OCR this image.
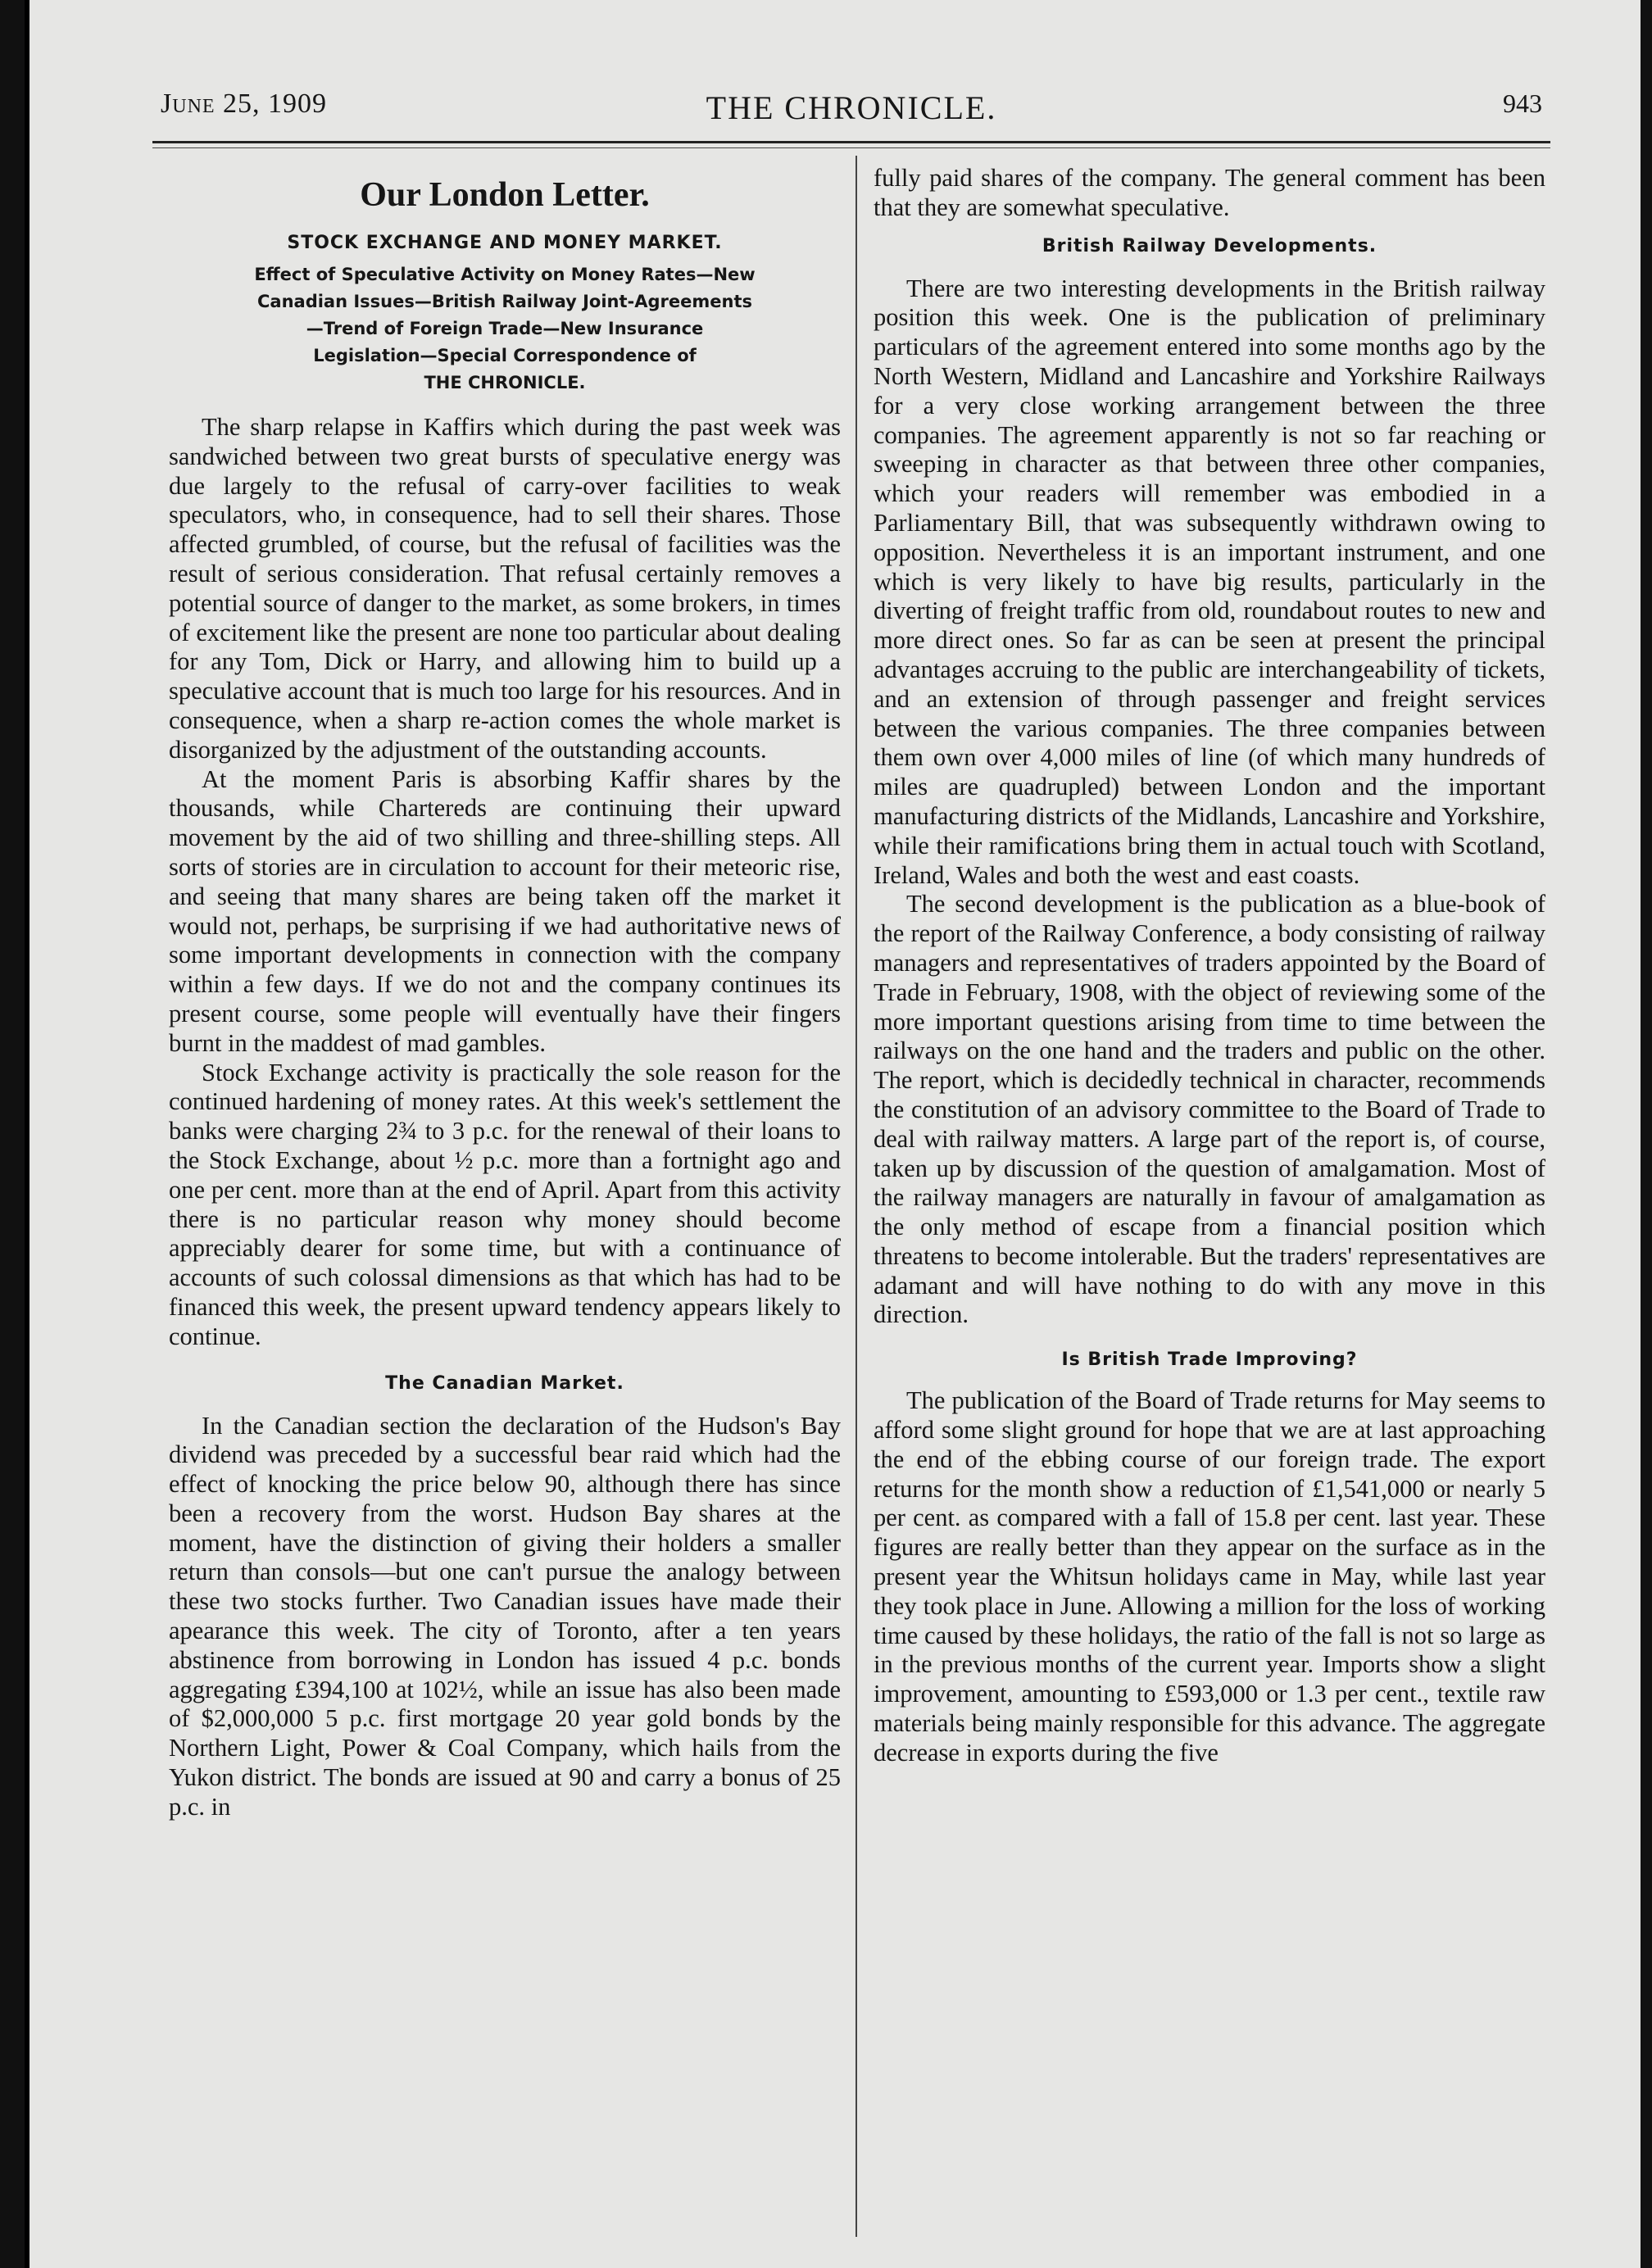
June 25, 1909	THE CHRONICLE.	943
Our London Letter.
STOCK EXCHANGE AND MONEY MARKET.
Effect of Speculative Activity on Money Rates—New
Canadian Issues—British Railway Joint-Agreements
—Trend of Foreign Trade—New Insurance
Legislation—Special Correspondence of
THE CHRONICLE.

The sharp relapse in Kaffirs which during the past week was sandwiched between two great bursts of speculative energy was due largely to the refusal of carry-over facilities to weak speculators, who, in consequence, had to sell their shares. Those affected grumbled, of course, but the refusal of facilities was the result of serious consideration. That refusal certainly removes a potential source of danger to the market, as some brokers, in times of excitement like the present are none too particular about dealing for any Tom, Dick or Harry, and allowing him to build up a speculative account that is much too large for his resources. And in consequence, when a sharp re-action comes the whole market is disorganized by the adjustment of the outstanding accounts.

At the moment Paris is absorbing Kaffir shares by the thousands, while Chartereds are continuing their upward movement by the aid of two shilling and three-shilling steps. All sorts of stories are in circulation to account for their meteoric rise, and seeing that many shares are being taken off the market it would not, perhaps, be surprising if we had authoritative news of some important developments in connection with the company within a few days. If we do not and the company continues its present course, some people will eventually have their fingers burnt in the maddest of mad gambles.

Stock Exchange activity is practically the sole reason for the continued hardening of money rates. At this week's settlement the banks were charging 2¾ to 3 p.c. for the renewal of their loans to the Stock Exchange, about ½ p.c. more than a fortnight ago and one per cent. more than at the end of April. Apart from this activity there is no particular reason why money should become appreciably dearer for some time, but with a continuance of accounts of such colossal dimensions as that which has had to be financed this week, the present upward tendency appears likely to continue.

The Canadian Market.

In the Canadian section the declaration of the Hudson's Bay dividend was preceded by a successful bear raid which had the effect of knocking the price below 90, although there has since been a recovery from the worst. Hudson Bay shares at the moment, have the distinction of giving their holders a smaller return than consols—but one can't pursue the analogy between these two stocks further. Two Canadian issues have made their apearance this week. The city of Toronto, after a ten years abstinence from borrowing in London has issued 4 p.c. bonds aggregating £394,100 at 102½, while an issue has also been made of $2,000,000 5 p.c. first mortgage 20 year gold bonds by the Northern Light, Power & Coal Company, which hails from the Yukon district. The bonds are issued at 90 and carry a bonus of 25 p.c. in

fully paid shares of the company. The general comment has been that they are somewhat speculative.

British Railway Developments.

There are two interesting developments in the British railway position this week. One is the publication of preliminary particulars of the agreement entered into some months ago by the North Western, Midland and Lancashire and Yorkshire Railways for a very close working arrangement between the three companies. The agreement apparently is not so far reaching or sweeping in character as that between three other companies, which your readers will remember was embodied in a Parliamentary Bill, that was subsequently withdrawn owing to opposition. Nevertheless it is an important instrument, and one which is very likely to have big results, particularly in the diverting of freight traffic from old, roundabout routes to new and more direct ones. So far as can be seen at present the principal advantages accruing to the public are interchangeability of tickets, and an extension of through passenger and freight services between the various companies. The three companies between them own over 4,000 miles of line (of which many hundreds of miles are quadrupled) between London and the important manufacturing districts of the Midlands, Lancashire and Yorkshire, while their ramifications bring them in actual touch with Scotland, Ireland, Wales and both the west and east coasts.

The second development is the publication as a blue-book of the report of the Railway Conference, a body consisting of railway managers and representatives of traders appointed by the Board of Trade in February, 1908, with the object of reviewing some of the more important questions arising from time to time between the railways on the one hand and the traders and public on the other. The report, which is decidedly technical in character, recommends the constitution of an advisory committee to the Board of Trade to deal with railway matters. A large part of the report is, of course, taken up by discussion of the question of amalgamation. Most of the railway managers are naturally in favour of amalgamation as the only method of escape from a financial position which threatens to become intolerable. But the traders' representatives are adamant and will have nothing to do with any move in this direction.

Is British Trade Improving?

The publication of the Board of Trade returns for May seems to afford some slight ground for hope that we are at last approaching the end of the ebbing course of our foreign trade. The export returns for the month show a reduction of £1,541,000 or nearly 5 per cent. as compared with a fall of 15.8 per cent. last year. These figures are really better than they appear on the surface as in the present year the Whitsun holidays came in May, while last year they took place in June. Allowing a million for the loss of working time caused by these holidays, the ratio of the fall is not so large as in the previous months of the current year. Imports show a slight improvement, amounting to £593,000 or 1.3 per cent., textile raw materials being mainly responsible for this advance. The aggregate decrease in exports during the five
